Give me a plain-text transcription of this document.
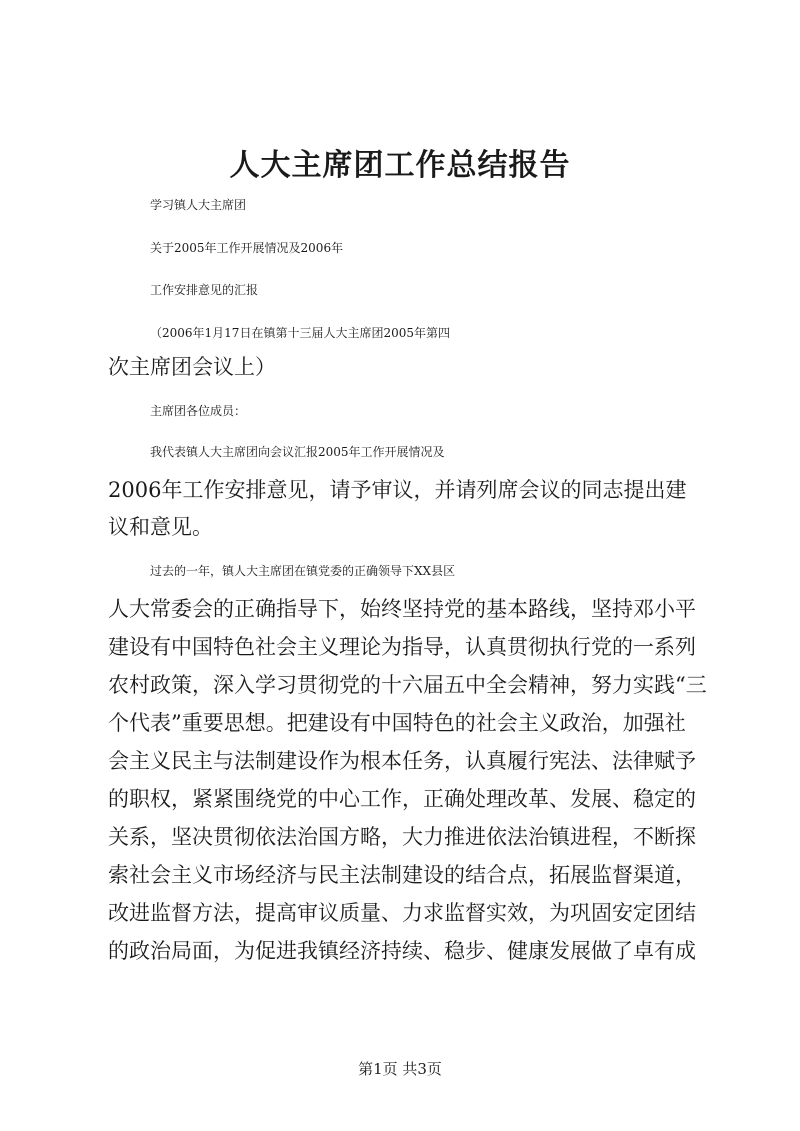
人大主席团工作总结报告
学习镇人大主席团
关于2005年工作开展情况及2006年
工作安排意见的汇报
（2006年1月17日在镇第十三届人大主席团2005年第四
次主席团会议上）
主席团各位成员：
我代表镇人大主席团向会议汇报2005年工作开展情况及
2006年工作安排意见，请予审议，并请列席会议的同志提出建
议和意见。
过去的一年，镇人大主席团在镇党委的正确领导下XX县区
人大常委会的正确指导下，始终坚持党的基本路线，坚持邓小平
建设有中国特色社会主义理论为指导，认真贯彻执行党的一系列
农村政策，深入学习贯彻党的十六届五中全会精神，努力实践“三
个代表”重要思想。把建设有中国特色的社会主义政治，加强社
会主义民主与法制建设作为根本任务，认真履行宪法、法律赋予
的职权，紧紧围绕党的中心工作，正确处理改革、发展、稳定的
关系，坚决贯彻依法治国方略，大力推进依法治镇进程，不断探
索社会主义市场经济与民主法制建设的结合点，拓展监督渠道，
改进监督方法，提高审议质量、力求监督实效，为巩固安定团结
的政治局面，为促进我镇经济持续、稳步、健康发展做了卓有成
第1页 共3页
